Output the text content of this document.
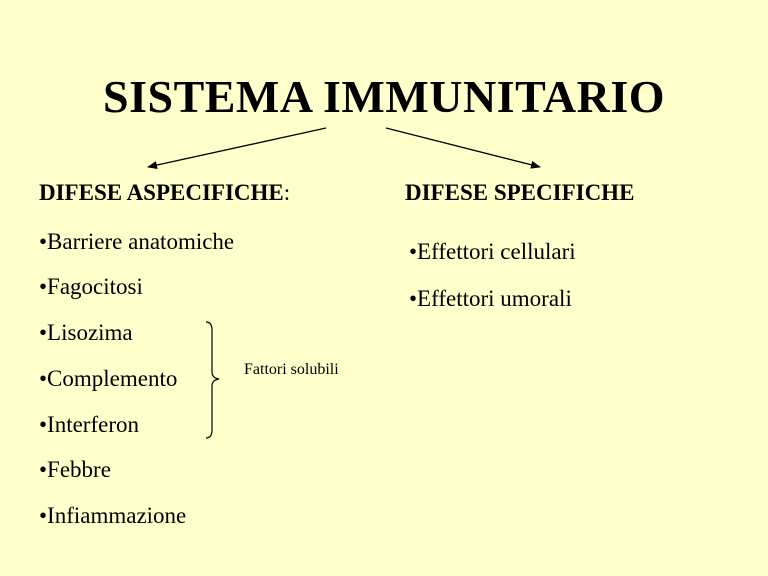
SISTEMA IMMUNITARIO
DIFESE ASPECIFICHE:	DIFESE SPECIFICHE
•Barriere anatomiche
•Fagocitosi
•Lisozima
•Complemento
•Interferon
•Febbre
•Infiammazione
Fattori solubili
•Effettori cellulari
•Effettori umorali
